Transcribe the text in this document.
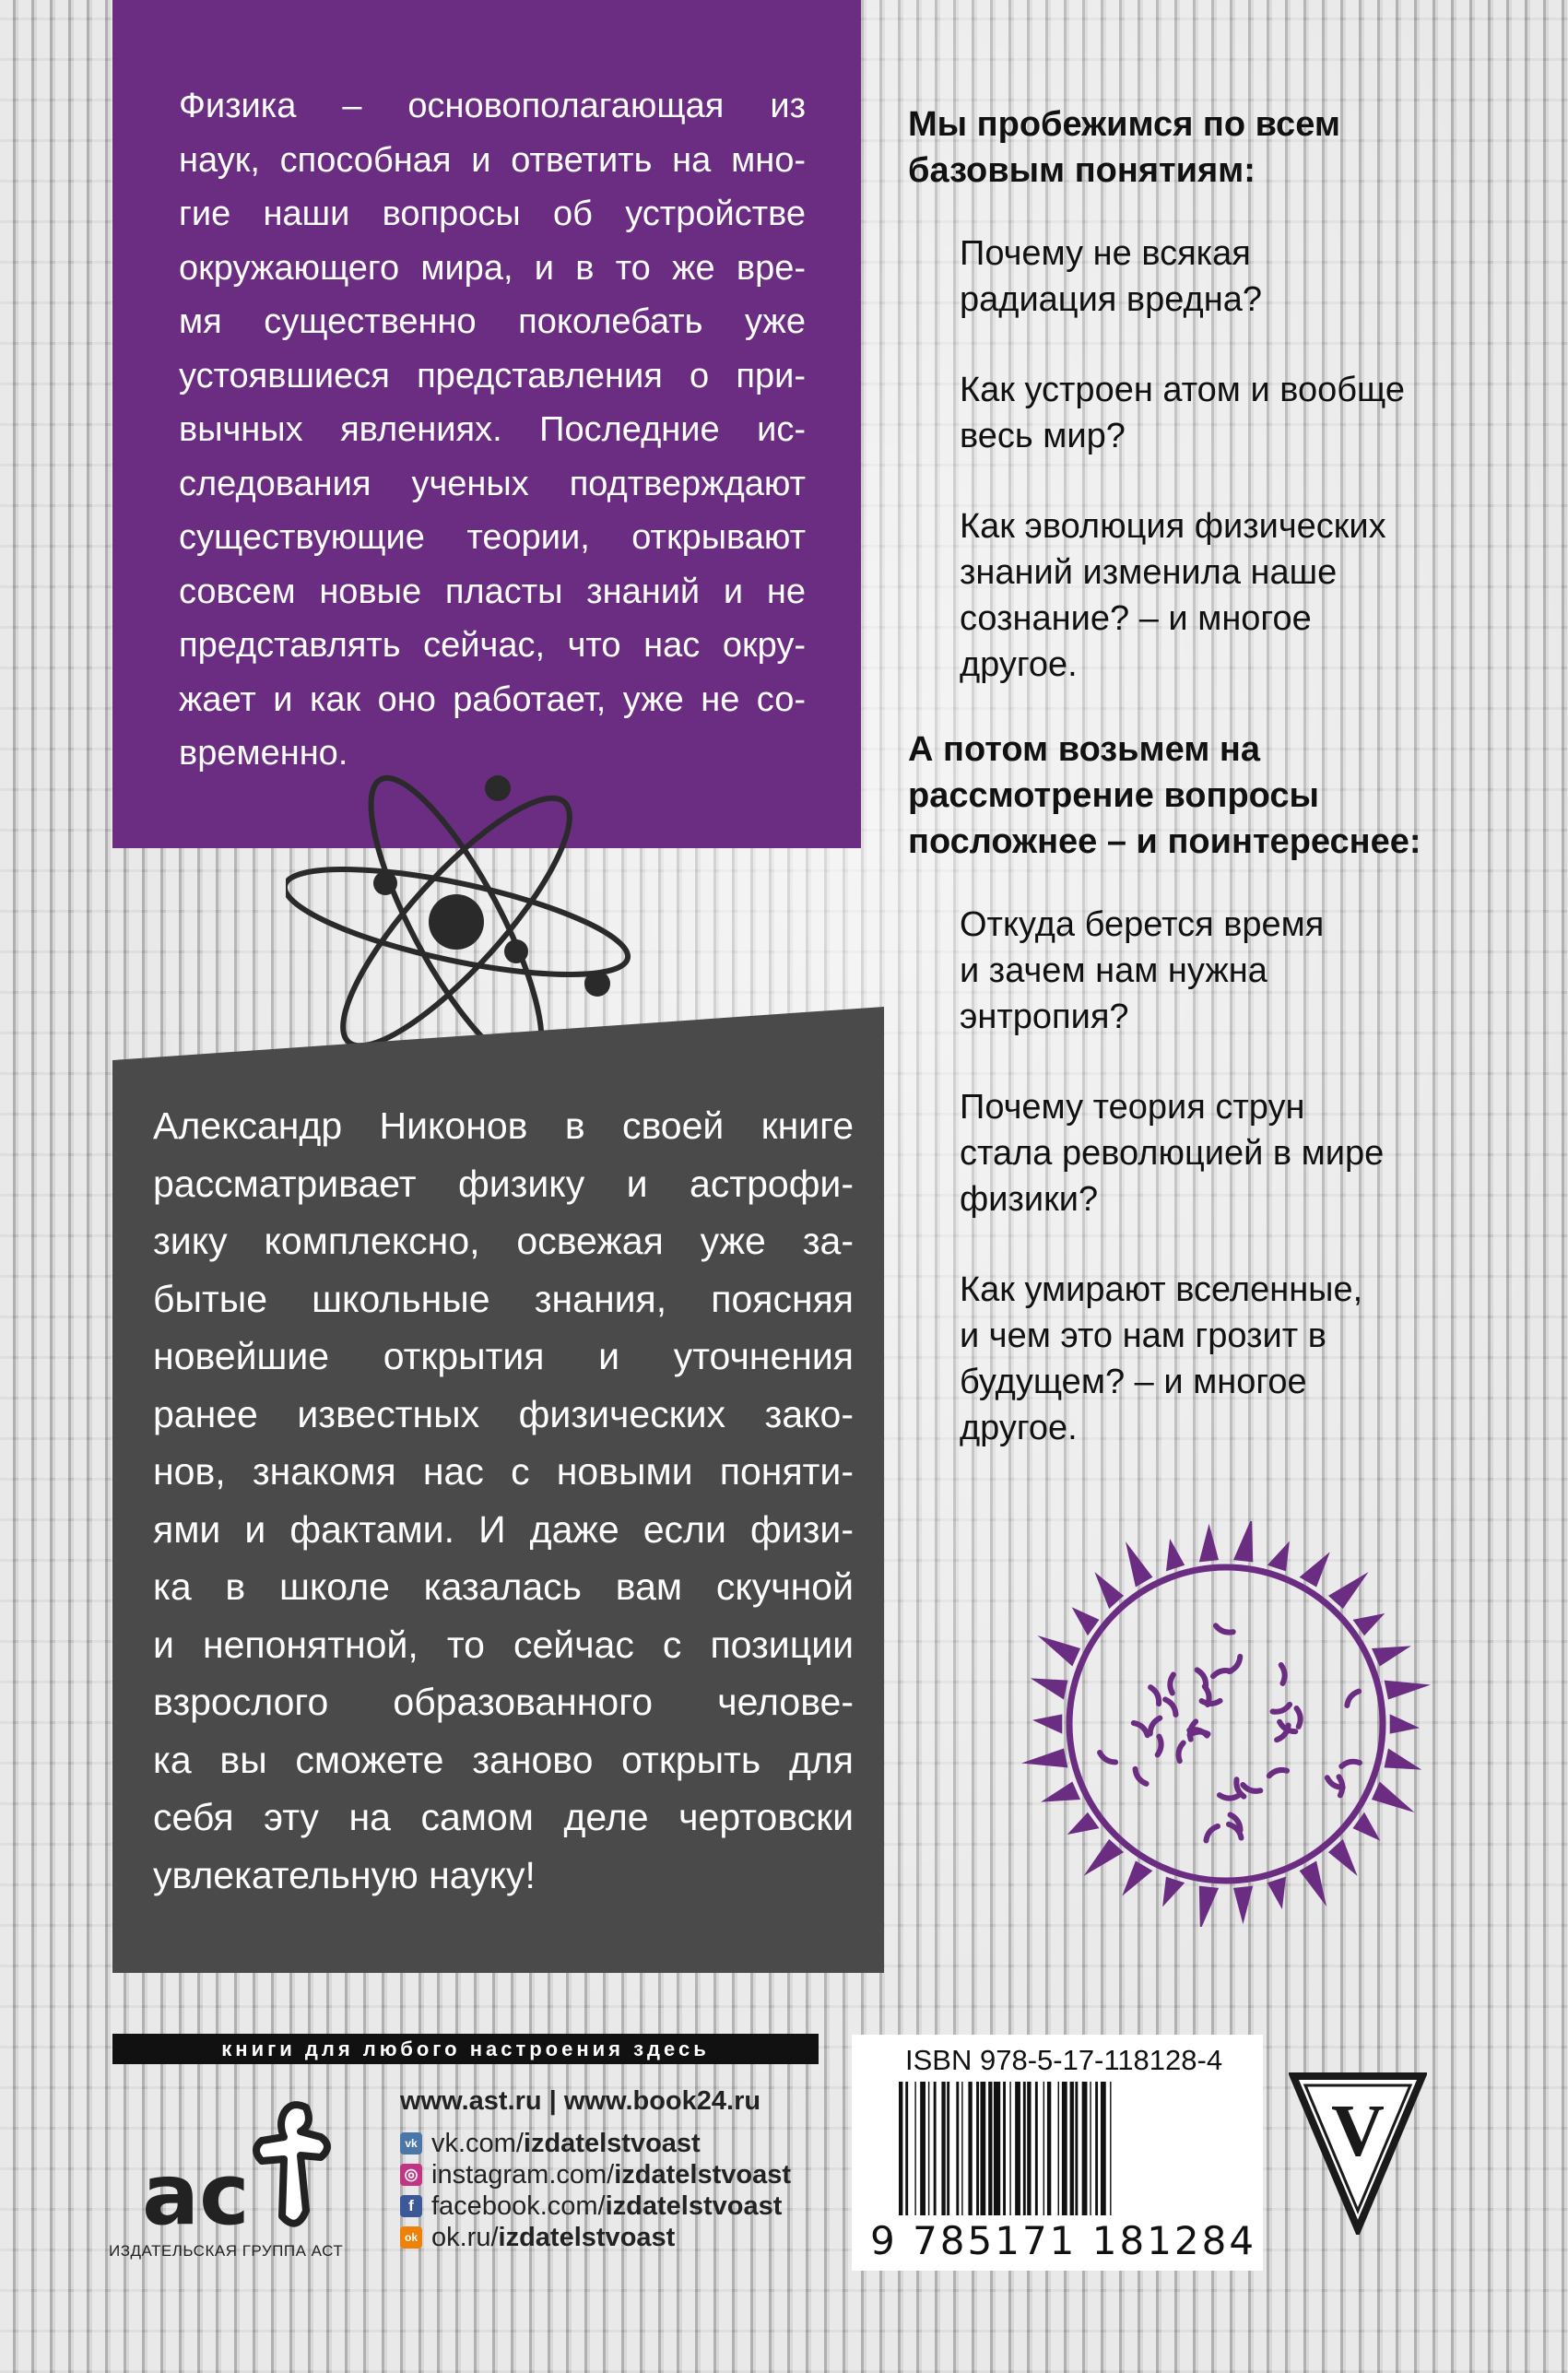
Физика – основополагающая из
наук, способная и ответить на мно-
гие наши вопросы об устройстве
окружающего мира, и в то же вре-
мя существенно поколебать уже
устоявшиеся представления о при-
вычных явлениях. Последние ис-
следования ученых подтверждают
существующие теории, открывают
совсем новые пласты знаний и не
представлять сейчас, что нас окру-
жает и как оно работает, уже не со-
временно.
Александр Никонов в своей книге
рассматривает физику и астрофи-
зику комплексно, освежая уже за-
бытые школьные знания, поясняя
новейшие открытия и уточнения
ранее известных физических зако-
нов, знакомя нас с новыми поняти-
ями и фактами. И даже если физи-
ка в школе казалась вам скучной
и непонятной, то сейчас с позиции
взрослого образованного челове-
ка вы сможете заново открыть для
себя эту на самом деле чертовски
увлекательную науку!

Мы пробежимся по всем
базовым понятиям:

Почему не всякая
радиация вредна?

Как устроен атом и вообще
весь мир?

Как эволюция физических
знаний изменила наше
сознание? – и многое
другое.

А потом возьмем на
рассмотрение вопросы
посложнее – и поинтереснее:

Откуда берется время
и зачем нам нужна
энтропия?

Почему теория струн
стала революцией в мире
физики?

Как умирают вселенные,
и чем это нам грозит в
будущем? – и многое
другое.

книги для любого настроения здесь
ас
ИЗДАТЕЛЬСКАЯ ГРУППА АСТ
www.ast.ru | www.book24.ru
vk vk.com/izdatelstvoast
◎ instagram.com/izdatelstvoast
f facebook.com/izdatelstvoast
ok ok.ru/izdatelstvoast
ISBN 978-5-17-118128-4
9 785171 181284
V
